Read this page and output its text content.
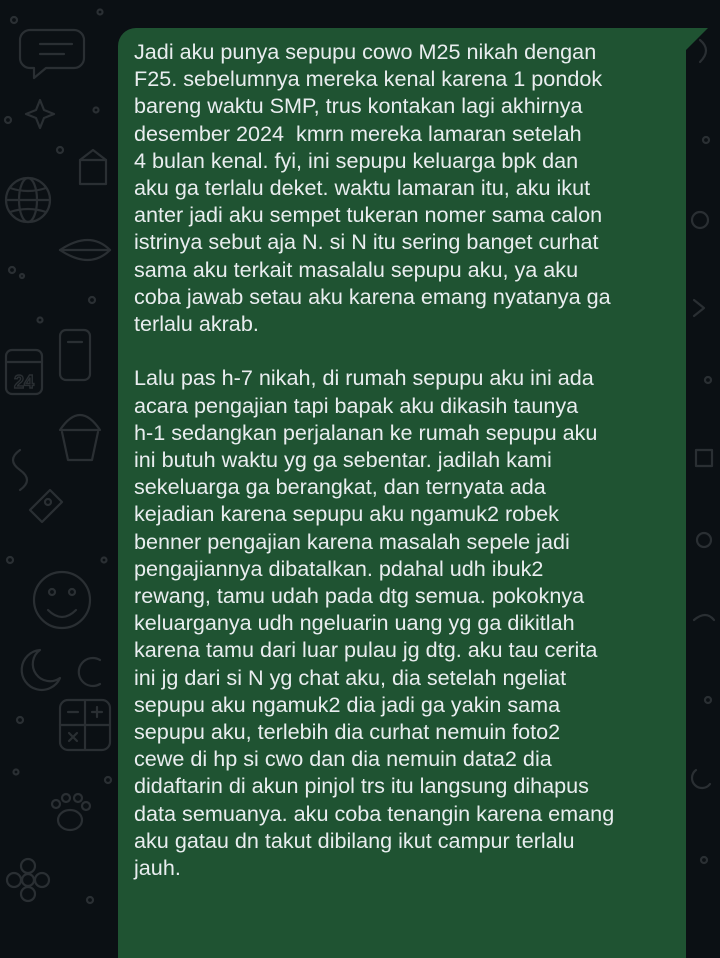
24

Jadi aku punya sepupu cowo M25 nikah dengan
F25. sebelumnya mereka kenal karena 1 pondok
bareng waktu SMP, trus kontakan lagi akhirnya
desember 2024  kmrn mereka lamaran setelah
4 bulan kenal. fyi, ini sepupu keluarga bpk dan
aku ga terlalu deket. waktu lamaran itu, aku ikut
anter jadi aku sempet tukeran nomer sama calon
istrinya sebut aja N. si N itu sering banget curhat
sama aku terkait masalalu sepupu aku, ya aku
coba jawab setau aku karena emang nyatanya ga
terlalu akrab.

Lalu pas h-7 nikah, di rumah sepupu aku ini ada
acara pengajian tapi bapak aku dikasih taunya
h-1 sedangkan perjalanan ke rumah sepupu aku
ini butuh waktu yg ga sebentar. jadilah kami
sekeluarga ga berangkat, dan ternyata ada
kejadian karena sepupu aku ngamuk2 robek
benner pengajian karena masalah sepele jadi
pengajiannya dibatalkan. pdahal udh ibuk2
rewang, tamu udah pada dtg semua. pokoknya
keluarganya udh ngeluarin uang yg ga dikitlah
karena tamu dari luar pulau jg dtg. aku tau cerita
ini jg dari si N yg chat aku, dia setelah ngeliat
sepupu aku ngamuk2 dia jadi ga yakin sama
sepupu aku, terlebih dia curhat nemuin foto2
cewe di hp si cwo dan dia nemuin data2 dia
didaftarin di akun pinjol trs itu langsung dihapus
data semuanya. aku coba tenangin karena emang
aku gatau dn takut dibilang ikut campur terlalu
jauh.
